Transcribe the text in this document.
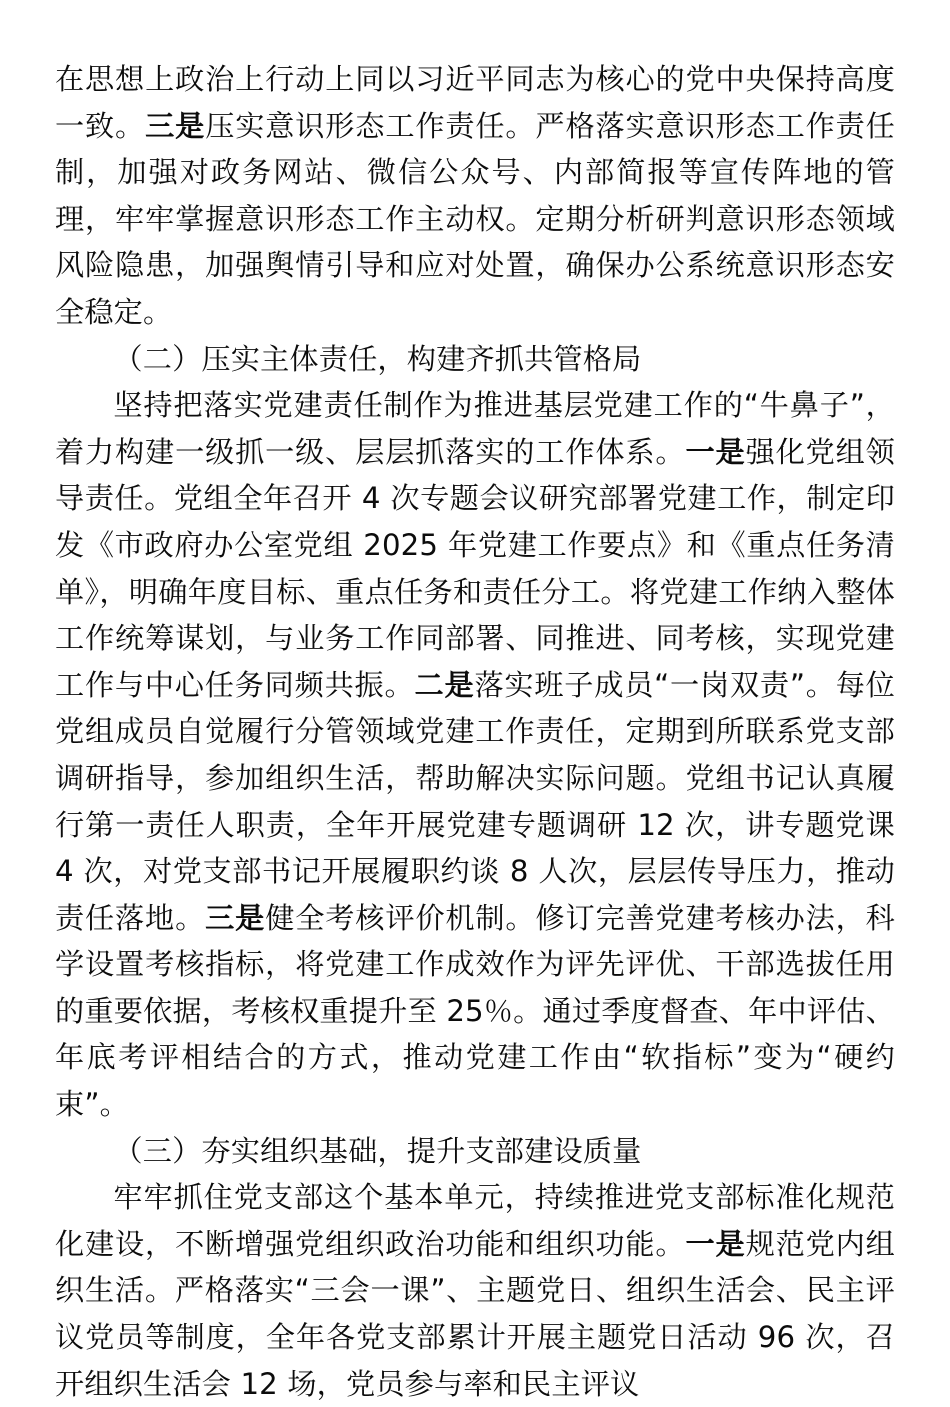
在思想上政治上行动上同以习近平同志为核心的党中央保持高度一致。三是压实意识形态工作责任。严格落实意识形态工作责任制，加强对政务网站、微信公众号、内部简报等宣传阵地的管理，牢牢掌握意识形态工作主动权。定期分析研判意识形态领域风险隐患，加强舆情引导和应对处置，确保办公系统意识形态安全稳定。

（二）压实主体责任，构建齐抓共管格局

坚持把落实党建责任制作为推进基层党建工作的“牛鼻子”，着力构建一级抓一级、层层抓落实的工作体系。一是强化党组领导责任。党组全年召开 4 次专题会议研究部署党建工作，制定印发《市政府办公室党组 2025 年党建工作要点》和《重点任务清单》，明确年度目标、重点任务和责任分工。将党建工作纳入整体工作统筹谋划，与业务工作同部署、同推进、同考核，实现党建工作与中心任务同频共振。二是落实班子成员“一岗双责”。每位党组成员自觉履行分管领域党建工作责任，定期到所联系党支部调研指导，参加组织生活，帮助解决实际问题。党组书记认真履行第一责任人职责，全年开展党建专题调研 12 次，讲专题党课 4 次，对党支部书记开展履职约谈 8 人次，层层传导压力，推动责任落地。三是健全考核评价机制。修订完善党建考核办法，科学设置考核指标，将党建工作成效作为评先评优、干部选拔任用的重要依据，考核权重提升至 25％。通过季度督查、年中评估、年底考评相结合的方式，推动党建工作由“软指标”变为“硬约束”。

（三）夯实组织基础，提升支部建设质量

牢牢抓住党支部这个基本单元，持续推进党支部标准化规范化建设，不断增强党组织政治功能和组织功能。一是规范党内组织生活。严格落实“三会一课”、主题党日、组织生活会、民主评议党员等制度，全年各党支部累计开展主题党日活动 96 次，召开组织生活会 12 场，党员参与率和民主评议
